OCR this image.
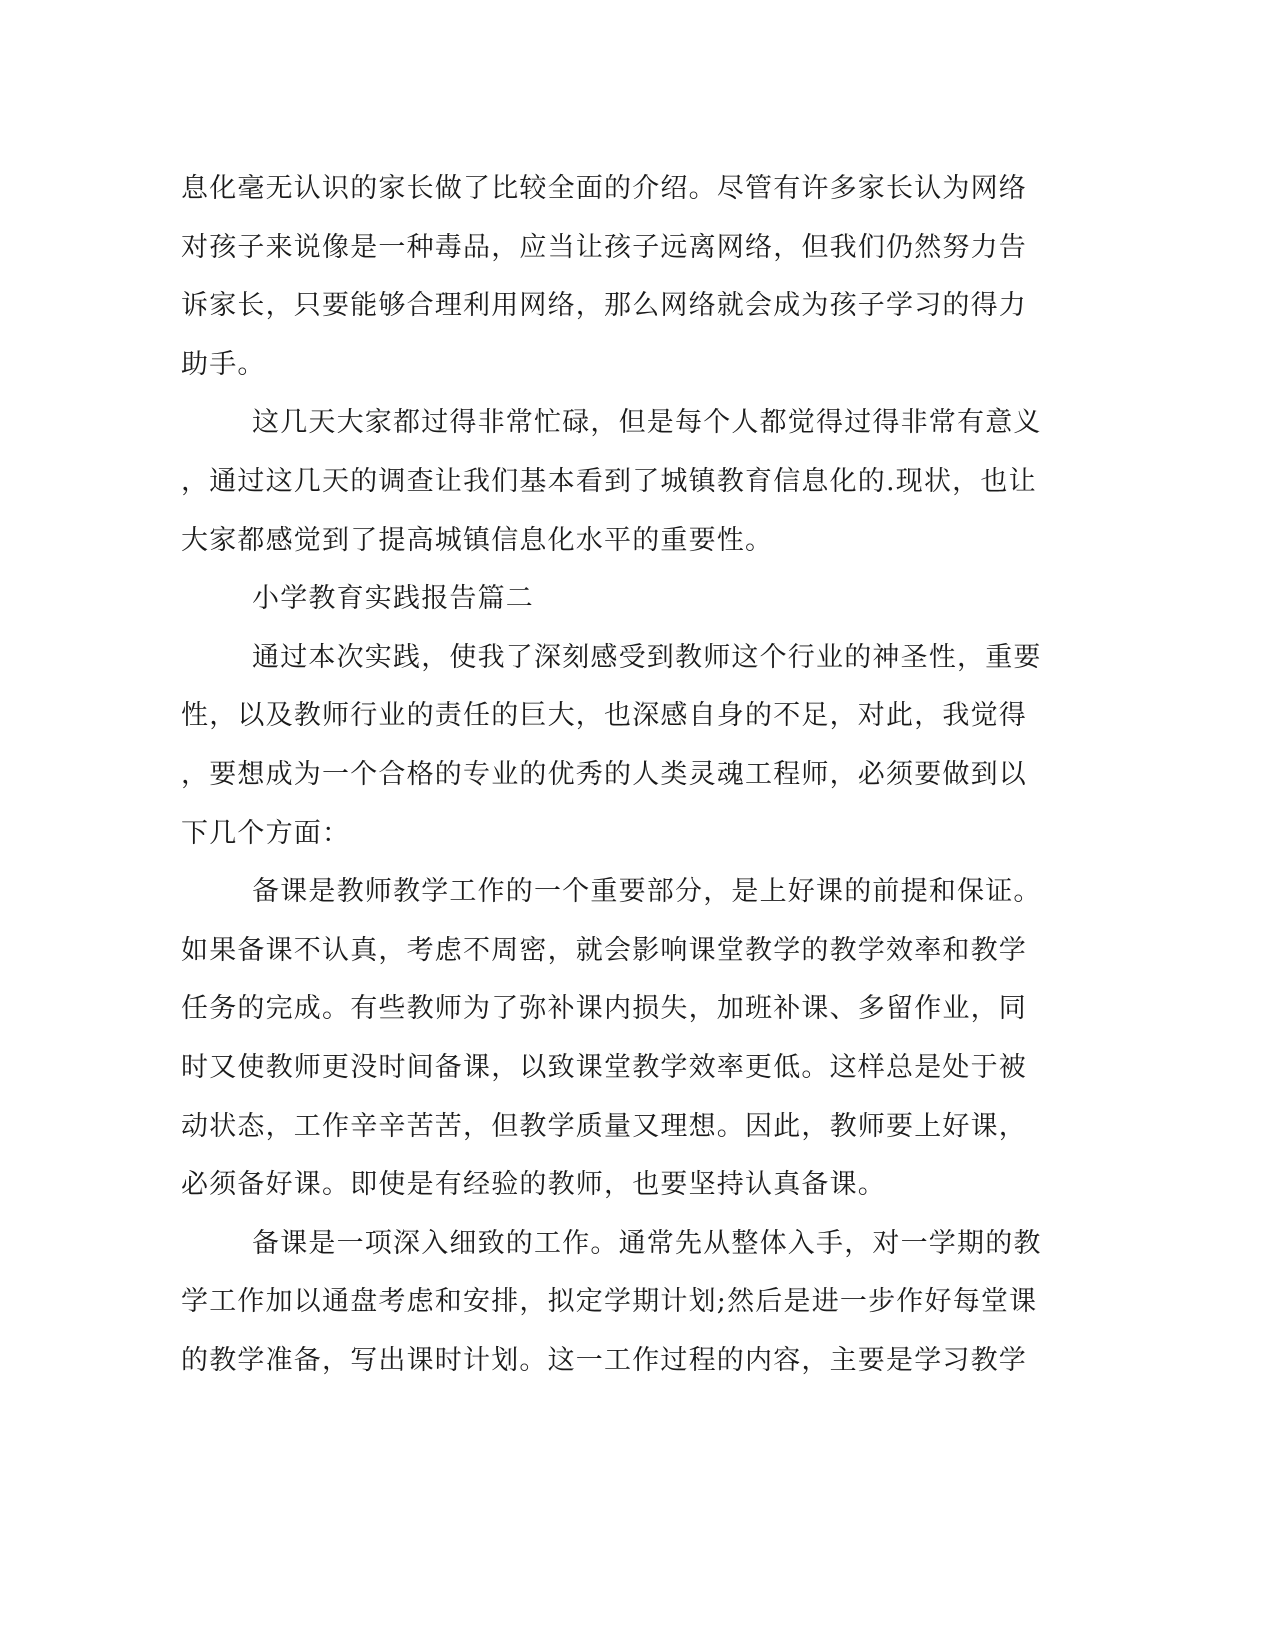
息化毫无认识的家长做了比较全面的介绍。尽管有许多家长认为网络
对孩子来说像是一种毒品，应当让孩子远离网络，但我们仍然努力告
诉家长，只要能够合理利用网络，那么网络就会成为孩子学习的得力
助手。
这几天大家都过得非常忙碌，但是每个人都觉得过得非常有意义
，通过这几天的调查让我们基本看到了城镇教育信息化的.现状，也让
大家都感觉到了提高城镇信息化水平的重要性。
小学教育实践报告篇二
通过本次实践，使我了深刻感受到教师这个行业的神圣性，重要
性，以及教师行业的责任的巨大，也深感自身的不足，对此，我觉得
，要想成为一个合格的专业的优秀的人类灵魂工程师，必须要做到以
下几个方面：
备课是教师教学工作的一个重要部分，是上好课的前提和保证。
如果备课不认真，考虑不周密，就会影响课堂教学的教学效率和教学
任务的完成。有些教师为了弥补课内损失，加班补课、多留作业，同
时又使教师更没时间备课，以致课堂教学效率更低。这样总是处于被
动状态，工作辛辛苦苦，但教学质量又理想。因此，教师要上好课，
必须备好课。即使是有经验的教师，也要坚持认真备课。
备课是一项深入细致的工作。通常先从整体入手，对一学期的教
学工作加以通盘考虑和安排，拟定学期计划;然后是进一步作好每堂课
的教学准备，写出课时计划。这一工作过程的内容，主要是学习教学
